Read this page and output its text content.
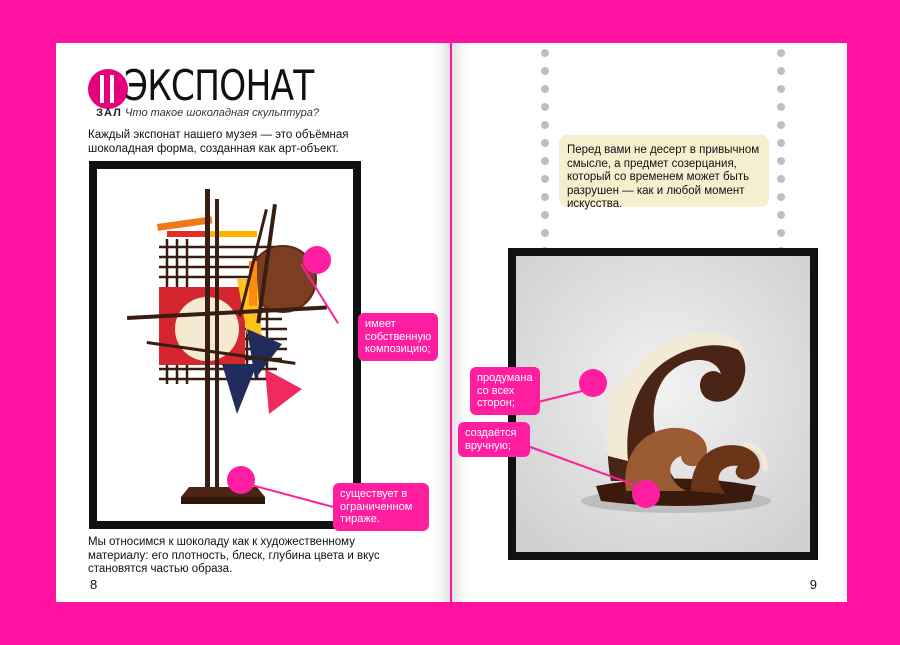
ЗАЛ
ЭКСПОНАТ
Что такое шоколадная скульптура?
Каждый экспонат нашего музея — это объёмная шоколадная форма, созданная как арт-объект.
имеет собственную композицию;
существует в ограниченном тираже.
Мы относимся к шоколаду как к художественному материалу: его плотность, блеск, глубина цвета и вкус становятся частью образа.
8
Перед вами не десерт в привычном смысле, а предмет созерцания, который со временем может быть разрушен — как и любой момент искусства.
продумана со всех сторон;
создаётся вручную;
9
